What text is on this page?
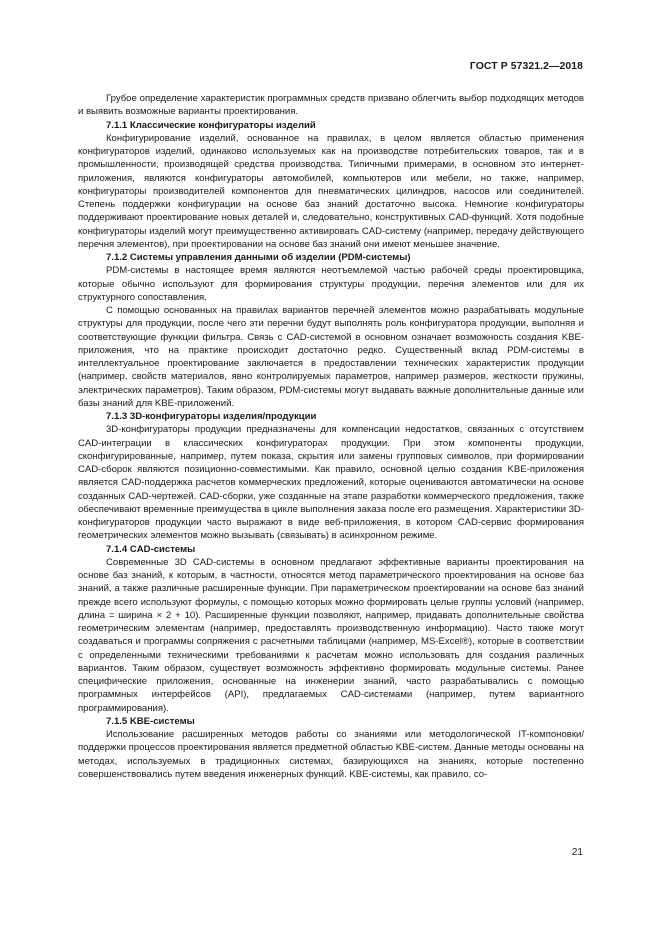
ГОСТ Р 57321.2—2018

Грубое определение характеристик программных средств призвано облегчить выбор подходящих методов и выявить возможные варианты проектирования.

7.1.1 Классические конфигураторы изделий

Конфигурирование изделий, основанное на правилах, в целом является областью применения конфигураторов изделий, одинаково используемых как на производстве потребительских товаров, так и в промышленности, производящей средства производства. Типичными примерами, в основном это интернет-приложения, являются конфигураторы автомобилей, компьютеров или мебели, но также, например, конфигураторы производителей компонентов для пневматических цилиндров, насосов или соединителей. Степень поддержки конфигурации на основе баз знаний достаточно высока. Немногие конфигураторы поддерживают проектирование новых деталей и, следовательно, конструктивных CAD-функций. Хотя подобные конфигураторы изделий могут преимущественно активировать CAD-систему (например, передачу действующего перечня элементов), при проектировании на основе баз знаний они имеют меньшее значение.

7.1.2 Системы управления данными об изделии (PDM-системы)

PDM-системы в настоящее время являются неотъемлемой частью рабочей среды проектировщика, которые обычно используют для формирования структуры продукции, перечня элементов или для их структурного сопоставления.

С помощью основанных на правилах вариантов перечней элементов можно разрабатывать модульные структуры для продукции, после чего эти перечни будут выполнять роль конфигуратора продукции, выполняя и соответствующие функции фильтра. Связь с CAD-системой в основном означает возможность создания KBE-приложения, что на практике происходит достаточно редко. Существенный вклад PDM-системы в интеллектуальное проектирование заключается в предоставлении технических характеристик продукции (например, свойств материалов, явно контролируемых параметров, например размеров, жесткости пружины, электрических параметров). Таким образом, PDM-системы могут выдавать важные дополнительные данные или базы знаний для KBE-приложений.

7.1.3 3D-конфигураторы изделия/продукции

3D-конфигураторы продукции предназначены для компенсации недостатков, связанных с отсутствием CAD-интеграции в классических конфигураторах продукции. При этом компоненты продукции, сконфигурированные, например, путем показа, скрытия или замены групповых символов, при формировании CAD-сборок являются позиционно-совместимыми. Как правило, основной целью создания KBE-приложения является CAD-поддержка расчетов коммерческих предложений, которые оцениваются автоматически на основе созданных CAD-чертежей. CAD-сборки, уже созданные на этапе разработки коммерческого предложения, также обеспечивают временные преимущества в цикле выполнения заказа после его размещения. Характеристики 3D-конфигураторов продукции часто выражают в виде веб-приложения, в котором CAD-сервис формирования геометрических элементов можно вызывать (связывать) в асинхронном режиме.

7.1.4 CAD-системы

Современные 3D CAD-системы в основном предлагают эффективные варианты проектирования на основе баз знаний, к которым, в частности, относятся метод параметрического проектирования на основе баз знаний, а также различные расширенные функции. При параметрическом проектировании на основе баз знаний прежде всего используют формулы, с помощью которых можно формировать целые группы условий (например, длина = ширина × 2 + 10). Расширенные функции позволяют, например, придавать дополнительные свойства геометрическим элементам (например, предоставлять производственную информацию). Часто также могут создаваться и программы сопряжения с расчетными таблицами (например, MS-Excel®), которые в соответствии с определенными техническими требованиями к расчетам можно использовать для создания различных вариантов. Таким образом, существует возможность эффективно формировать модульные системы. Ранее специфические приложения, основанные на инженерии знаний, часто разрабатывались с помощью программных интерфейсов (API), предлагаемых CAD-системами (например, путем вариантного программирования).

7.1.5 KBE-системы

Использование расширенных методов работы со знаниями или методологической IT-компоновки/поддержки процессов проектирования является предметной областью KBE-систем. Данные методы основаны на методах, используемых в традиционных системах, базирующихся на знаниях, которые постепенно совершенствовались путем введения инженерных функций. KBE-системы, как правило, со-

21
